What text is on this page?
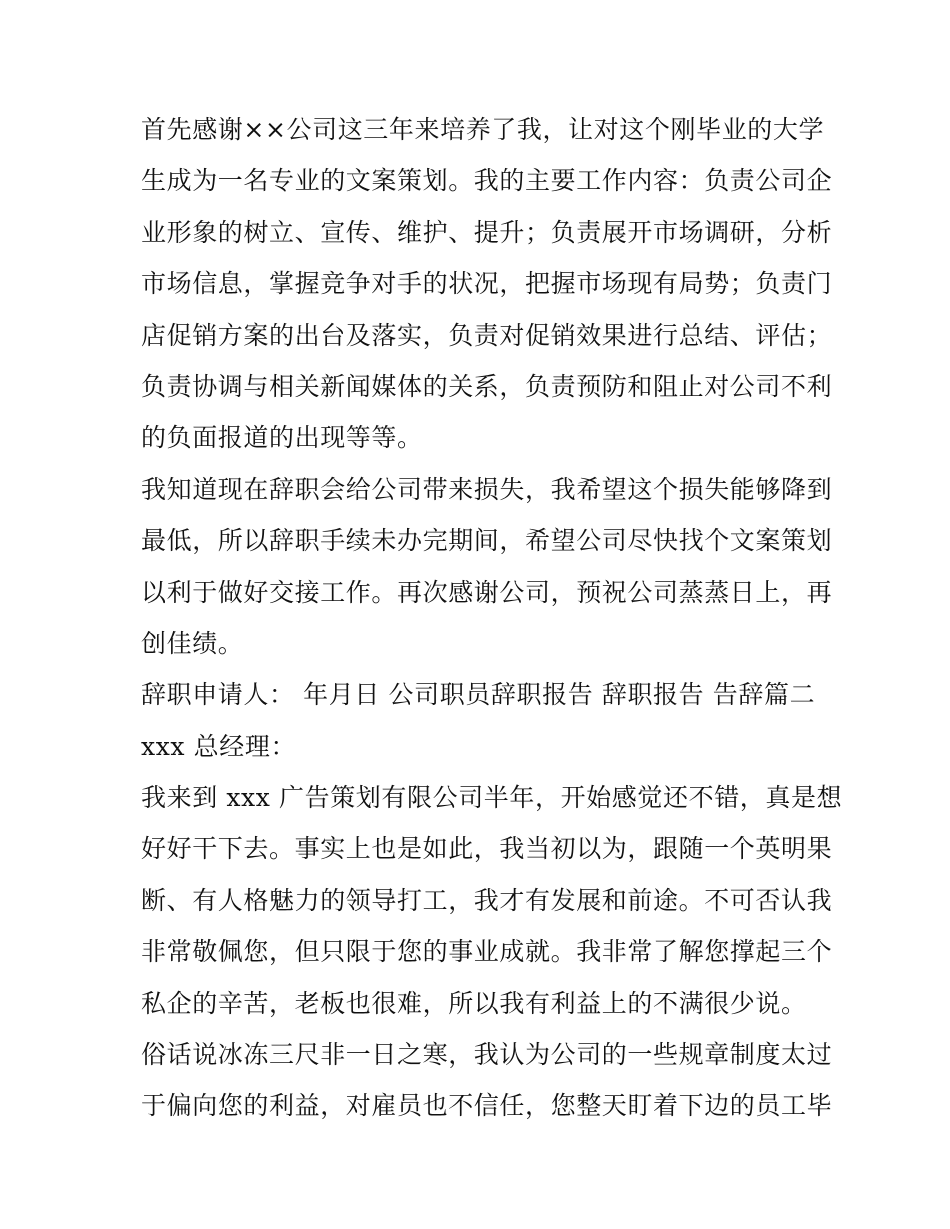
首先感谢××公司这三年来培养了我，让对这个刚毕业的大学
生成为一名专业的文案策划。我的主要工作内容：负责公司企
业形象的树立、宣传、维护、提升；负责展开市场调研，分析
市场信息，掌握竞争对手的状况，把握市场现有局势；负责门
店促销方案的出台及落实，负责对促销效果进行总结、评估；
负责协调与相关新闻媒体的关系，负责预防和阻止对公司不利
的负面报道的出现等等。
我知道现在辞职会给公司带来损失，我希望这个损失能够降到
最低，所以辞职手续未办完期间，希望公司尽快找个文案策划
以利于做好交接工作。再次感谢公司，预祝公司蒸蒸日上，再
创佳绩。
辞职申请人： 年月日 公司职员辞职报告 辞职报告 告辞篇二
xxx 总经理：
我来到 xxx 广告策划有限公司半年，开始感觉还不错，真是想
好好干下去。事实上也是如此，我当初以为，跟随一个英明果
断、有人格魅力的领导打工，我才有发展和前途。不可否认我
非常敬佩您，但只限于您的事业成就。我非常了解您撑起三个
私企的辛苦，老板也很难，所以我有利益上的不满很少说。
俗话说冰冻三尺非一日之寒，我认为公司的一些规章制度太过
于偏向您的利益，对雇员也不信任，您整天盯着下边的员工毕
